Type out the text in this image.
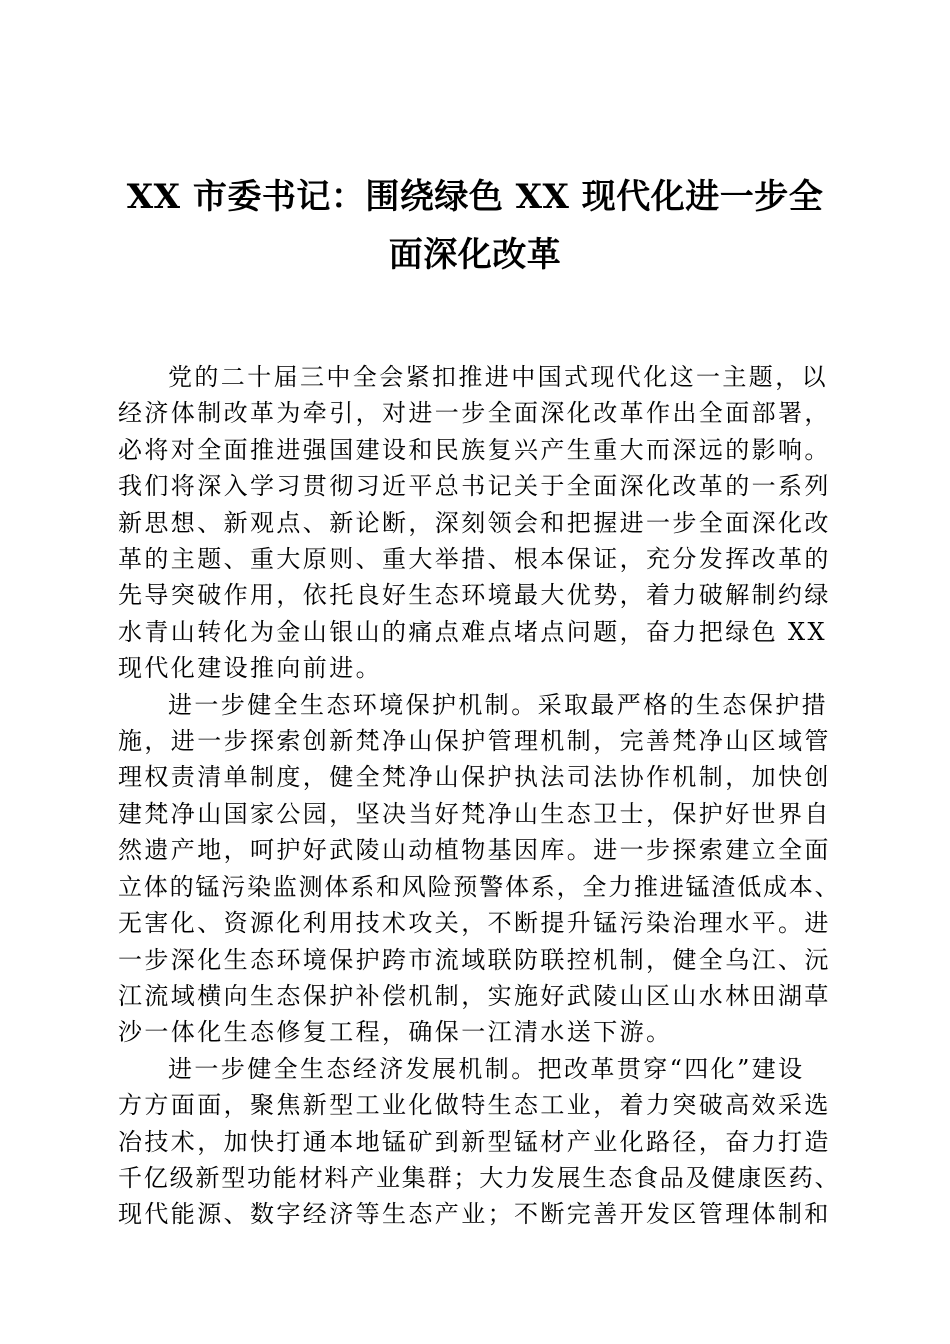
XX 市委书记：围绕绿色 XX 现代化进一步全
面深化改革

党的二十届三中全会紧扣推进中国式现代化这一主题，以
经济体制改革为牵引，对进一步全面深化改革作出全面部署，
必将对全面推进强国建设和民族复兴产生重大而深远的影响。
我们将深入学习贯彻习近平总书记关于全面深化改革的一系列
新思想、新观点、新论断，深刻领会和把握进一步全面深化改
革的主题、重大原则、重大举措、根本保证，充分发挥改革的
先导突破作用，依托良好生态环境最大优势，着力破解制约绿
水青山转化为金山银山的痛点难点堵点问题，奋力把绿色 XX
现代化建设推向前进。

进一步健全生态环境保护机制。采取最严格的生态保护措
施，进一步探索创新梵净山保护管理机制，完善梵净山区域管
理权责清单制度，健全梵净山保护执法司法协作机制，加快创
建梵净山国家公园，坚决当好梵净山生态卫士，保护好世界自
然遗产地，呵护好武陵山动植物基因库。进一步探索建立全面
立体的锰污染监测体系和风险预警体系，全力推进锰渣低成本、
无害化、资源化利用技术攻关，不断提升锰污染治理水平。进
一步深化生态环境保护跨市流域联防联控机制，健全乌江、沅
江流域横向生态保护补偿机制，实施好武陵山区山水林田湖草
沙一体化生态修复工程，确保一江清水送下游。

进一步健全生态经济发展机制。把改革贯穿“四化”建设
方方面面，聚焦新型工业化做特生态工业，着力突破高效采选
冶技术，加快打通本地锰矿到新型锰材产业化路径，奋力打造
千亿级新型功能材料产业集群；大力发展生态食品及健康医药、
现代能源、数字经济等生态产业；不断完善开发区管理体制和
